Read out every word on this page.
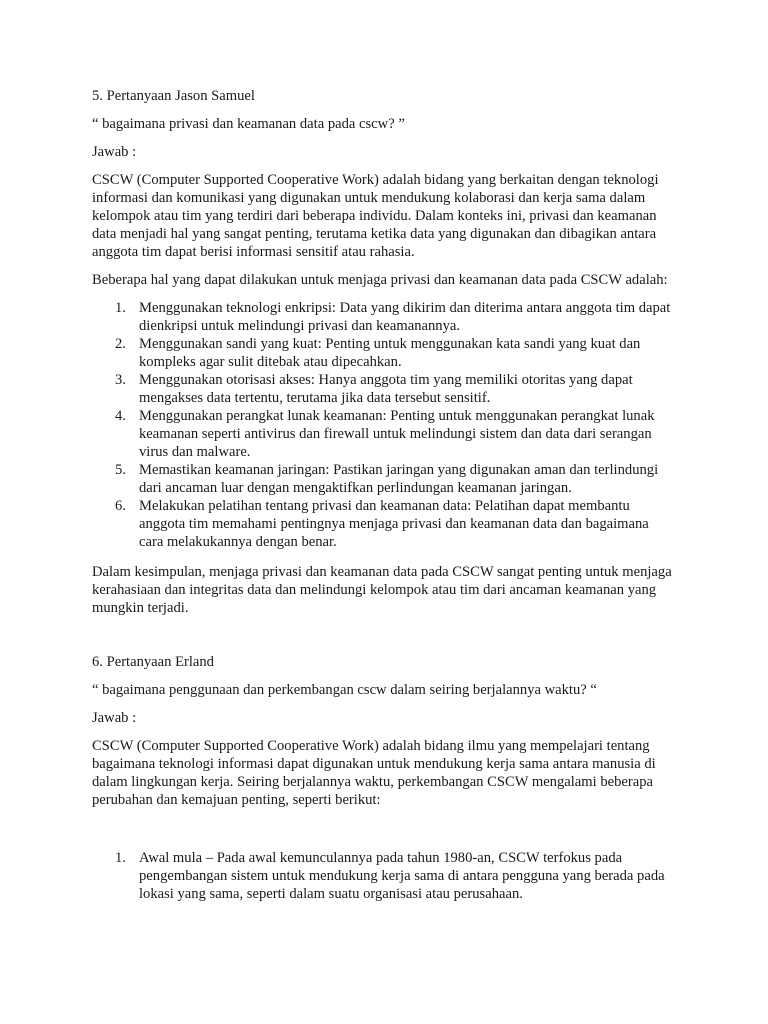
5. Pertanyaan Jason Samuel

“ bagaimana privasi dan keamanan data pada cscw? ”

Jawab :

CSCW (Computer Supported Cooperative Work) adalah bidang yang berkaitan dengan teknologi informasi dan komunikasi yang digunakan untuk mendukung kolaborasi dan kerja sama dalam kelompok atau tim yang terdiri dari beberapa individu. Dalam konteks ini, privasi dan keamanan data menjadi hal yang sangat penting, terutama ketika data yang digunakan dan dibagikan antara anggota tim dapat berisi informasi sensitif atau rahasia.

Beberapa hal yang dapat dilakukan untuk menjaga privasi dan keamanan data pada CSCW adalah:

1. Menggunakan teknologi enkripsi: Data yang dikirim dan diterima antara anggota tim dapat dienkripsi untuk melindungi privasi dan keamanannya.
2. Menggunakan sandi yang kuat: Penting untuk menggunakan kata sandi yang kuat dan kompleks agar sulit ditebak atau dipecahkan.
3. Menggunakan otorisasi akses: Hanya anggota tim yang memiliki otoritas yang dapat mengakses data tertentu, terutama jika data tersebut sensitif.
4. Menggunakan perangkat lunak keamanan: Penting untuk menggunakan perangkat lunak keamanan seperti antivirus dan firewall untuk melindungi sistem dan data dari serangan virus dan malware.
5. Memastikan keamanan jaringan: Pastikan jaringan yang digunakan aman dan terlindungi dari ancaman luar dengan mengaktifkan perlindungan keamanan jaringan.
6. Melakukan pelatihan tentang privasi dan keamanan data: Pelatihan dapat membantu anggota tim memahami pentingnya menjaga privasi dan keamanan data dan bagaimana cara melakukannya dengan benar.

Dalam kesimpulan, menjaga privasi dan keamanan data pada CSCW sangat penting untuk menjaga kerahasiaan dan integritas data dan melindungi kelompok atau tim dari ancaman keamanan yang mungkin terjadi.

6. Pertanyaan Erland

“ bagaimana penggunaan dan perkembangan cscw dalam seiring berjalannya waktu? “

Jawab :

CSCW (Computer Supported Cooperative Work) adalah bidang ilmu yang mempelajari tentang bagaimana teknologi informasi dapat digunakan untuk mendukung kerja sama antara manusia di dalam lingkungan kerja. Seiring berjalannya waktu, perkembangan CSCW mengalami beberapa perubahan dan kemajuan penting, seperti berikut:

1. Awal mula – Pada awal kemunculannya pada tahun 1980-an, CSCW terfokus pada pengembangan sistem untuk mendukung kerja sama di antara pengguna yang berada pada lokasi yang sama, seperti dalam suatu organisasi atau perusahaan.
